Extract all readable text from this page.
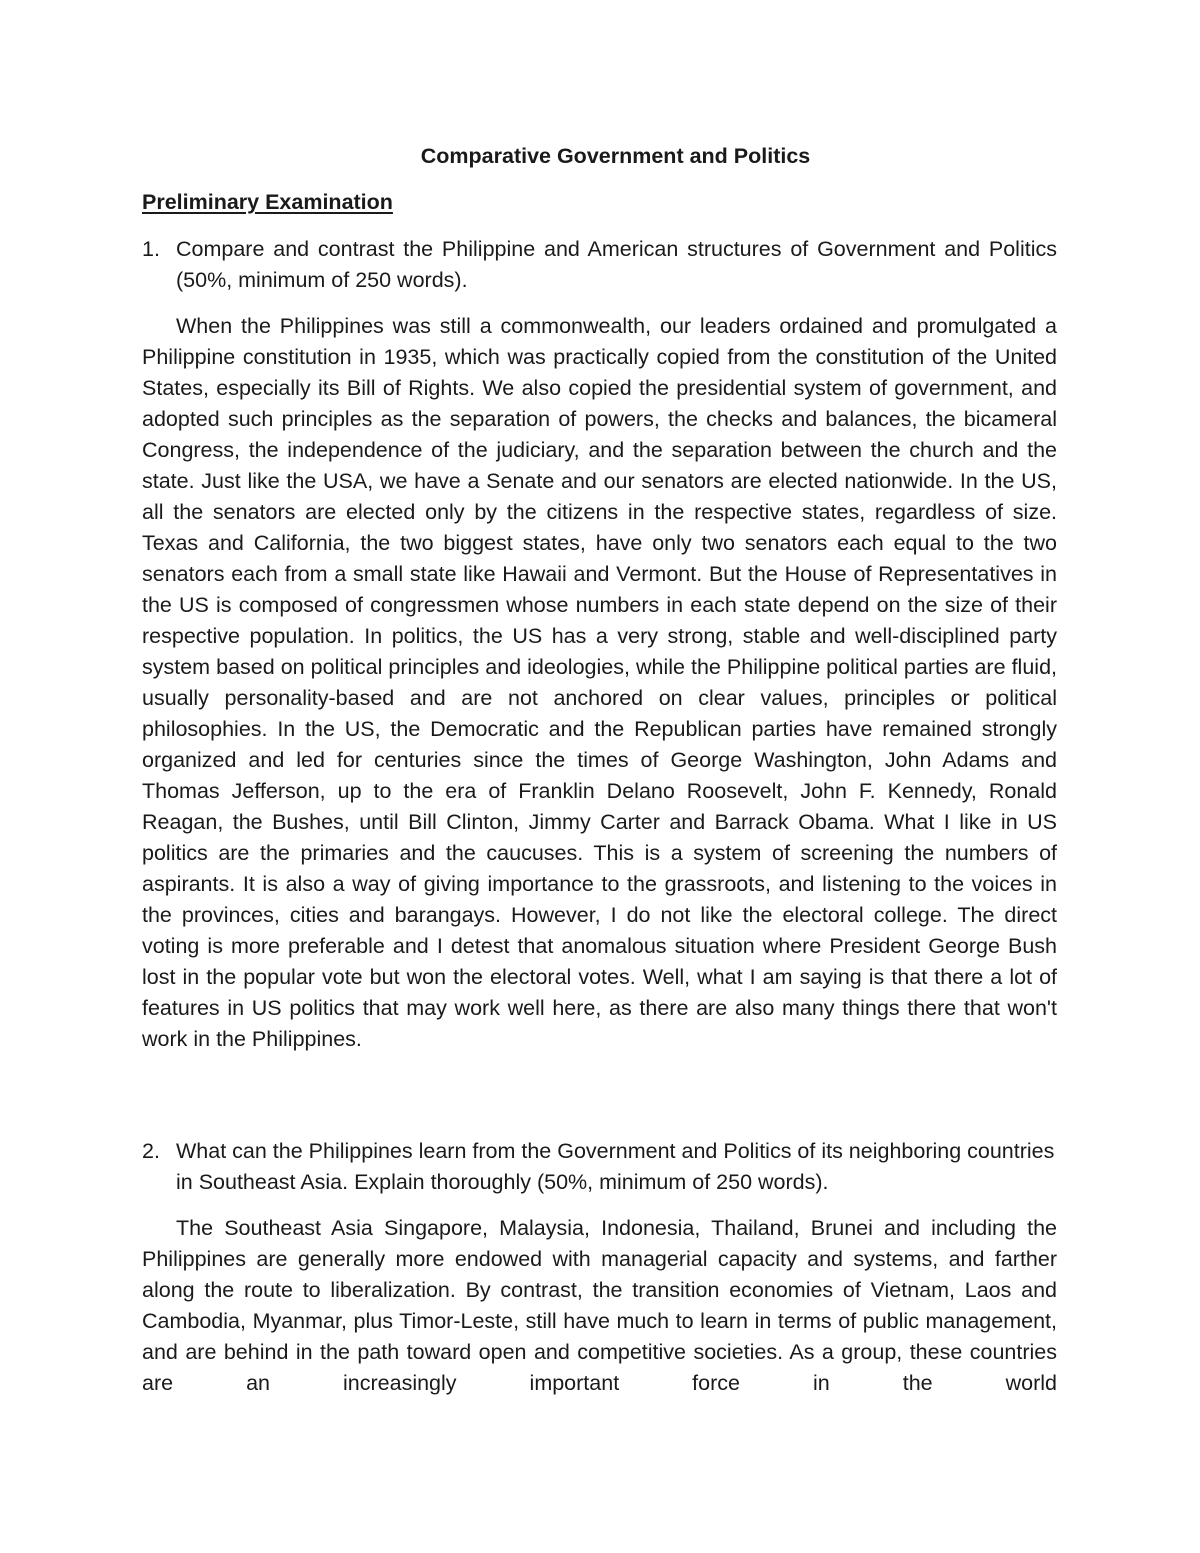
Comparative Government and Politics
Preliminary Examination
1. Compare and contrast the Philippine and American structures of Government and Politics (50%, minimum of 250 words).

When the Philippines was still a commonwealth, our leaders ordained and promulgated a Philippine constitution in 1935, which was practically copied from the constitution of the United States, especially its Bill of Rights. We also copied the presidential system of government, and adopted such principles as the separation of powers, the checks and balances, the bicameral Congress, the independence of the judiciary, and the separation between the church and the state. Just like the USA, we have a Senate and our senators are elected nationwide. In the US, all the senators are elected only by the citizens in the respective states, regardless of size. Texas and California, the two biggest states, have only two senators each equal to the two senators each from a small state like Hawaii and Vermont. But the House of Representatives in the US is composed of congressmen whose numbers in each state depend on the size of their respective population. In politics, the US has a very strong, stable and well-disciplined party system based on political principles and ideologies, while the Philippine political parties are fluid, usually personality-based and are not anchored on clear values, principles or political philosophies. In the US, the Democratic and the Republican parties have remained strongly organized and led for centuries since the times of George Washington, John Adams and Thomas Jefferson, up to the era of Franklin Delano Roosevelt, John F. Kennedy, Ronald Reagan, the Bushes, until Bill Clinton, Jimmy Carter and Barrack Obama. What I like in US politics are the primaries and the caucuses. This is a system of screening the numbers of aspirants. It is also a way of giving importance to the grassroots, and listening to the voices in the provinces, cities and barangays. However, I do not like the electoral college. The direct voting is more preferable and I detest that anomalous situation where President George Bush lost in the popular vote but won the electoral votes. Well, what I am saying is that there a lot of features in US politics that may work well here, as there are also many things there that won't work in the Philippines.

2. What can the Philippines learn from the Government and Politics of its neighboring countries in Southeast Asia. Explain thoroughly (50%, minimum of 250 words).

The Southeast Asia Singapore, Malaysia, Indonesia, Thailand, Brunei and including the Philippines are generally more endowed with managerial capacity and systems, and farther along the route to liberalization. By contrast, the transition economies of Vietnam, Laos and Cambodia, Myanmar, plus Timor-Leste, still have much to learn in terms of public management, and are behind in the path toward open and competitive societies. As a group, these countries are an increasingly important force in the world
